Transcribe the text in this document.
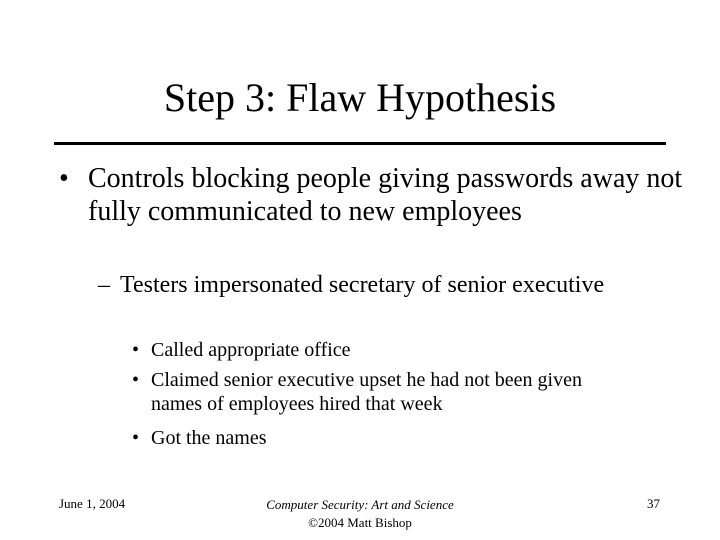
Step 3: Flaw Hypothesis
• Controls blocking people giving passwords away not fully communicated to new employees
– Testers impersonated secretary of senior executive
• Called appropriate office
• Claimed senior executive upset he had not been given names of employees hired that week
• Got the names
June 1, 2004	Computer Security: Art and Science
©2004 Matt Bishop
37
